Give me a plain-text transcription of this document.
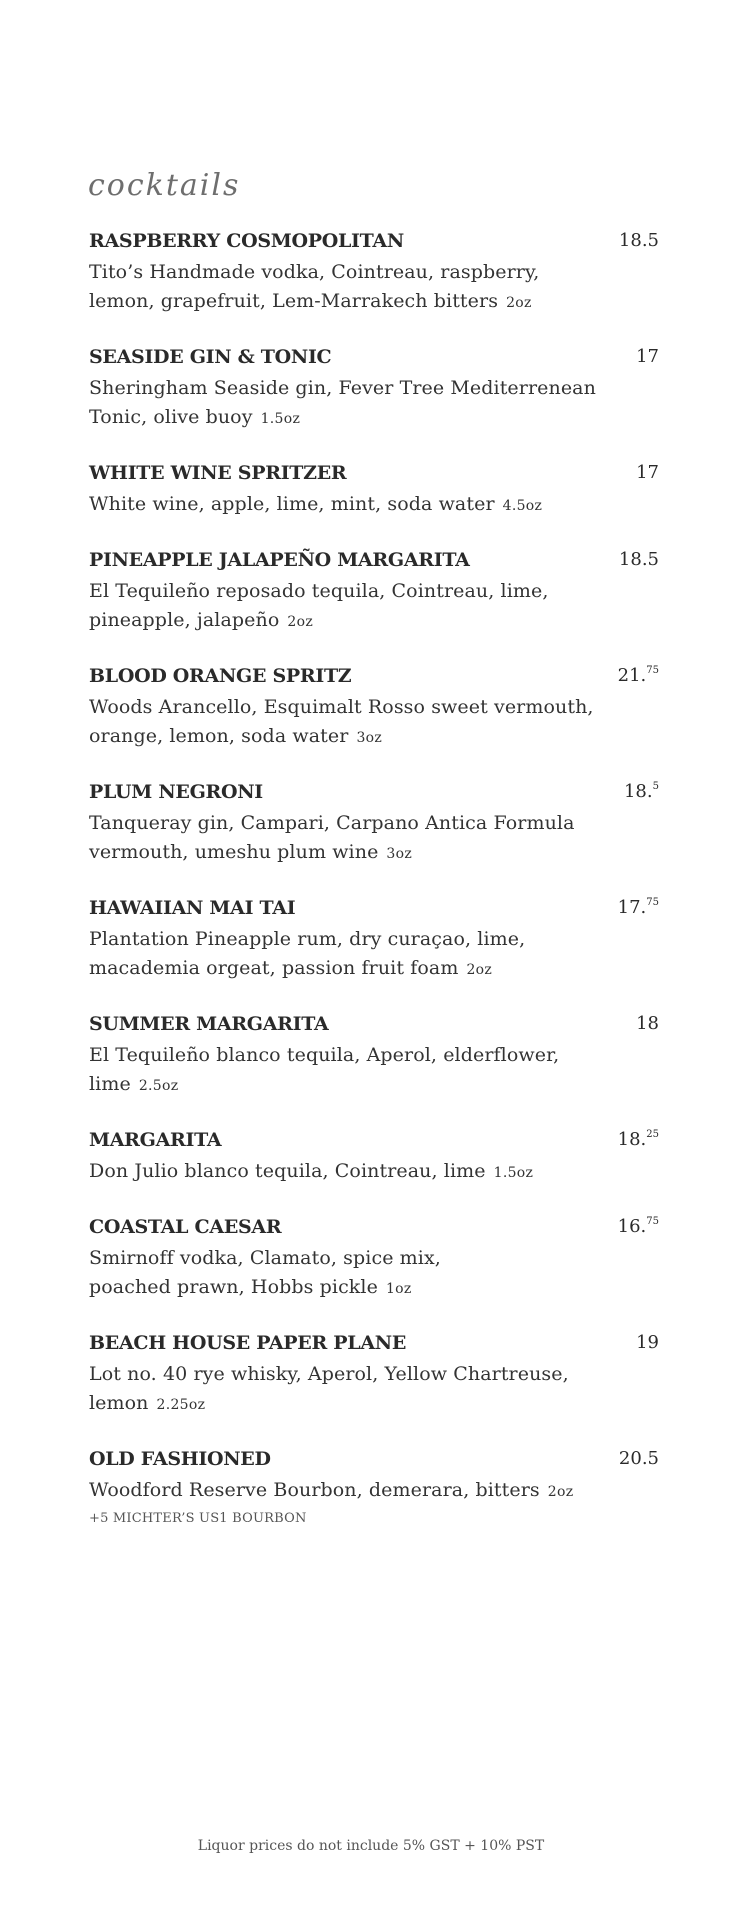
cocktails
RASPBERRY COSMOPOLITAN	18.5
Tito’s Handmade vodka, Cointreau, raspberry,
lemon, grapefruit, Lem-Marrakech bitters 2oz
SEASIDE GIN & TONIC	17
Sheringham Seaside gin, Fever Tree Mediterrenean
Tonic, olive buoy 1.5oz
WHITE WINE SPRITZER	17
White wine, apple, lime, mint, soda water 4.5oz
PINEAPPLE JALAPEÑO MARGARITA	18.5
El Tequileño reposado tequila, Cointreau, lime,
pineapple, jalapeño 2oz
BLOOD ORANGE SPRITZ	21.75
Woods Arancello, Esquimalt Rosso sweet vermouth,
orange, lemon, soda water 3oz
PLUM NEGRONI	18.$^5$
Tanqueray gin, Campari, Carpano Antica Formula
vermouth, umeshu plum wine 3oz
HAWAIIAN MAI TAI	17.75
Plantation Pineapple rum, dry curaçao, lime,
macademia orgeat, passion fruit foam 2oz
SUMMER MARGARITA	18
El Tequileño blanco tequila, Aperol, elderflower,
lime 2.5oz
MARGARITA	18.25
Don Julio blanco tequila, Cointreau, lime 1.5oz
COASTAL CAESAR	16.75
Smirnoff vodka, Clamato, spice mix,
poached prawn, Hobbs pickle 1oz
BEACH HOUSE PAPER PLANE	19
Lot no. 40 rye whisky, Aperol, Yellow Chartreuse,
lemon 2.25oz
OLD FASHIONED	20.5
Woodford Reserve Bourbon, demerara, bitters 2oz
+5 MICHTER’S US1 BOURBON
Liquor prices do not include 5% GST + 10% PST
